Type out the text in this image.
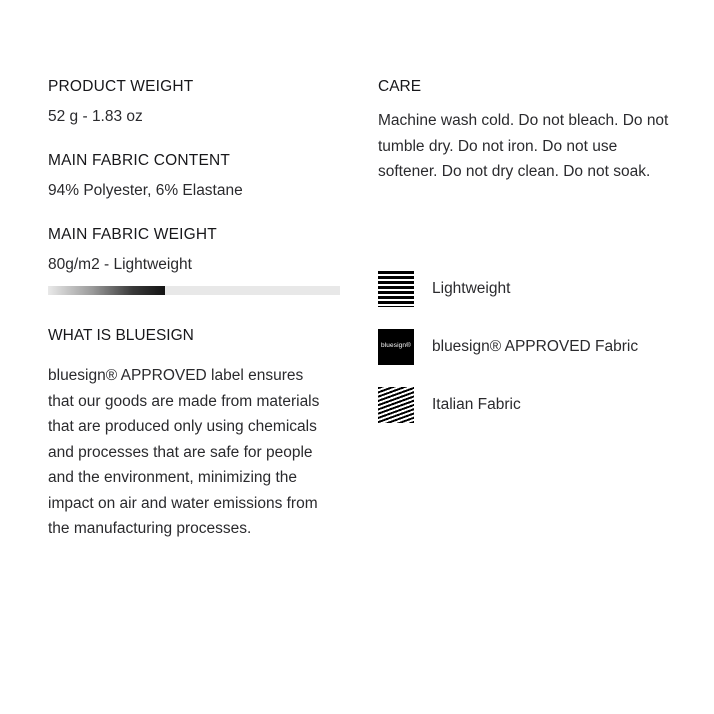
PRODUCT WEIGHT

52 g - 1.83 oz

MAIN FABRIC CONTENT

94% Polyester, 6% Elastane

MAIN FABRIC WEIGHT

80g/m2 - Lightweight

WHAT IS BLUESIGN

bluesign® APPROVED label ensures that our goods are made from materials that are produced only using chemicals and processes that are safe for people and the environment, minimizing the impact on air and water emissions from the manufacturing processes.

CARE

Machine wash cold. Do not bleach. Do not tumble dry. Do not iron. Do not use softener. Do not dry clean. Do not soak.

Lightweight
bluesign® bluesign® APPROVED Fabric
Italian Fabric
